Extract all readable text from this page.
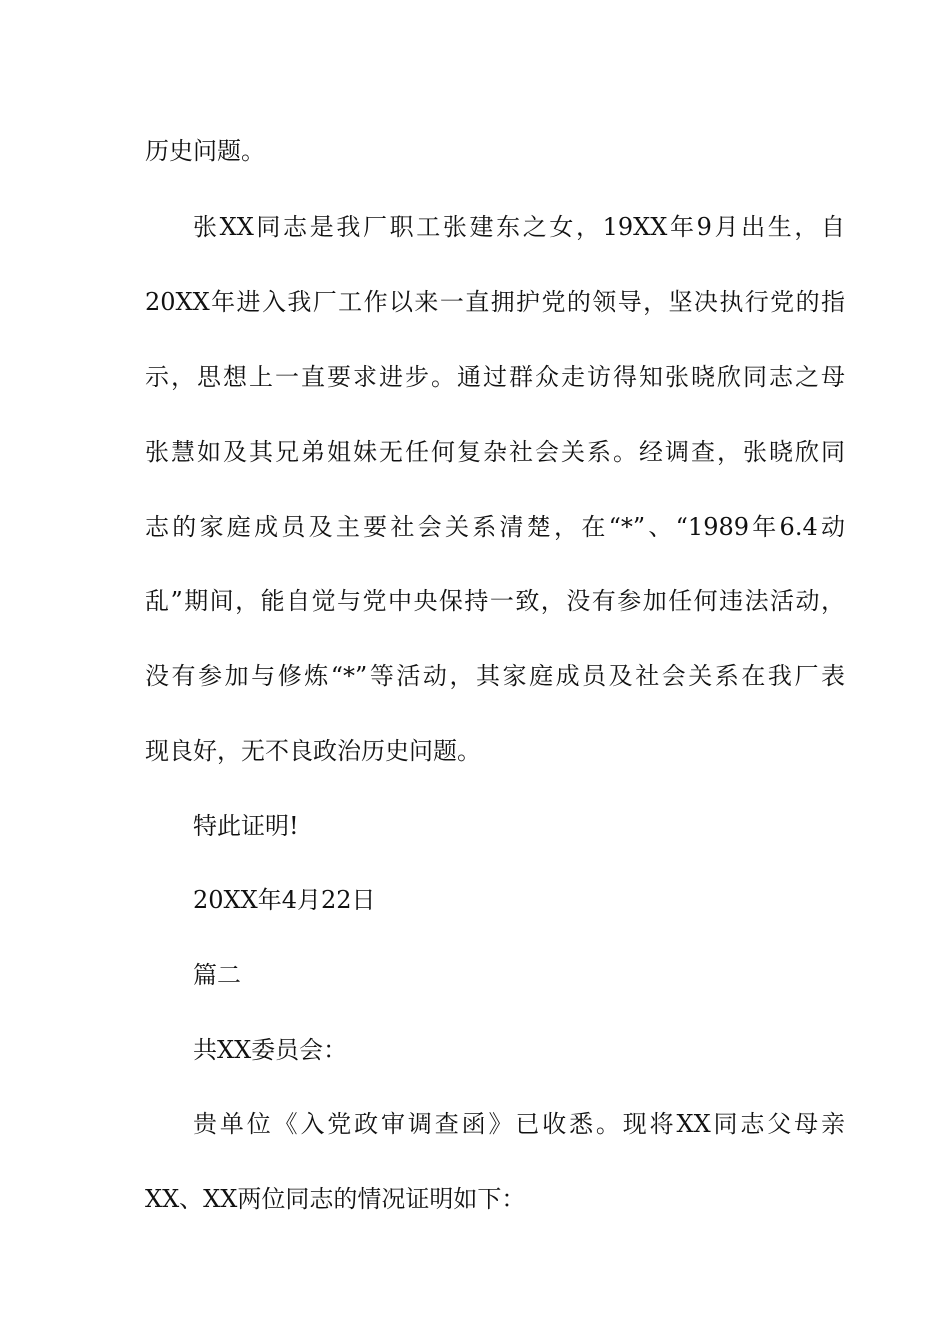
历史问题。
张XX同志是我厂职工张建东之女，19XX年9月出生，自
20XX年进入我厂工作以来一直拥护党的领导，坚决执行党的指
示，思想上一直要求进步。通过群众走访得知张晓欣同志之母
张慧如及其兄弟姐妹无任何复杂社会关系。经调查，张晓欣同
志的家庭成员及主要社会关系清楚，在“*”、“1989年6.4动
乱”期间，能自觉与党中央保持一致，没有参加任何违法活动，
没有参加与修炼“*”等活动，其家庭成员及社会关系在我厂表
现良好，无不良政治历史问题。
特此证明!
20XX年4月22日
篇二
共XX委员会：
贵单位《入党政审调查函》已收悉。现将XX同志父母亲
XX、XX两位同志的情况证明如下：
